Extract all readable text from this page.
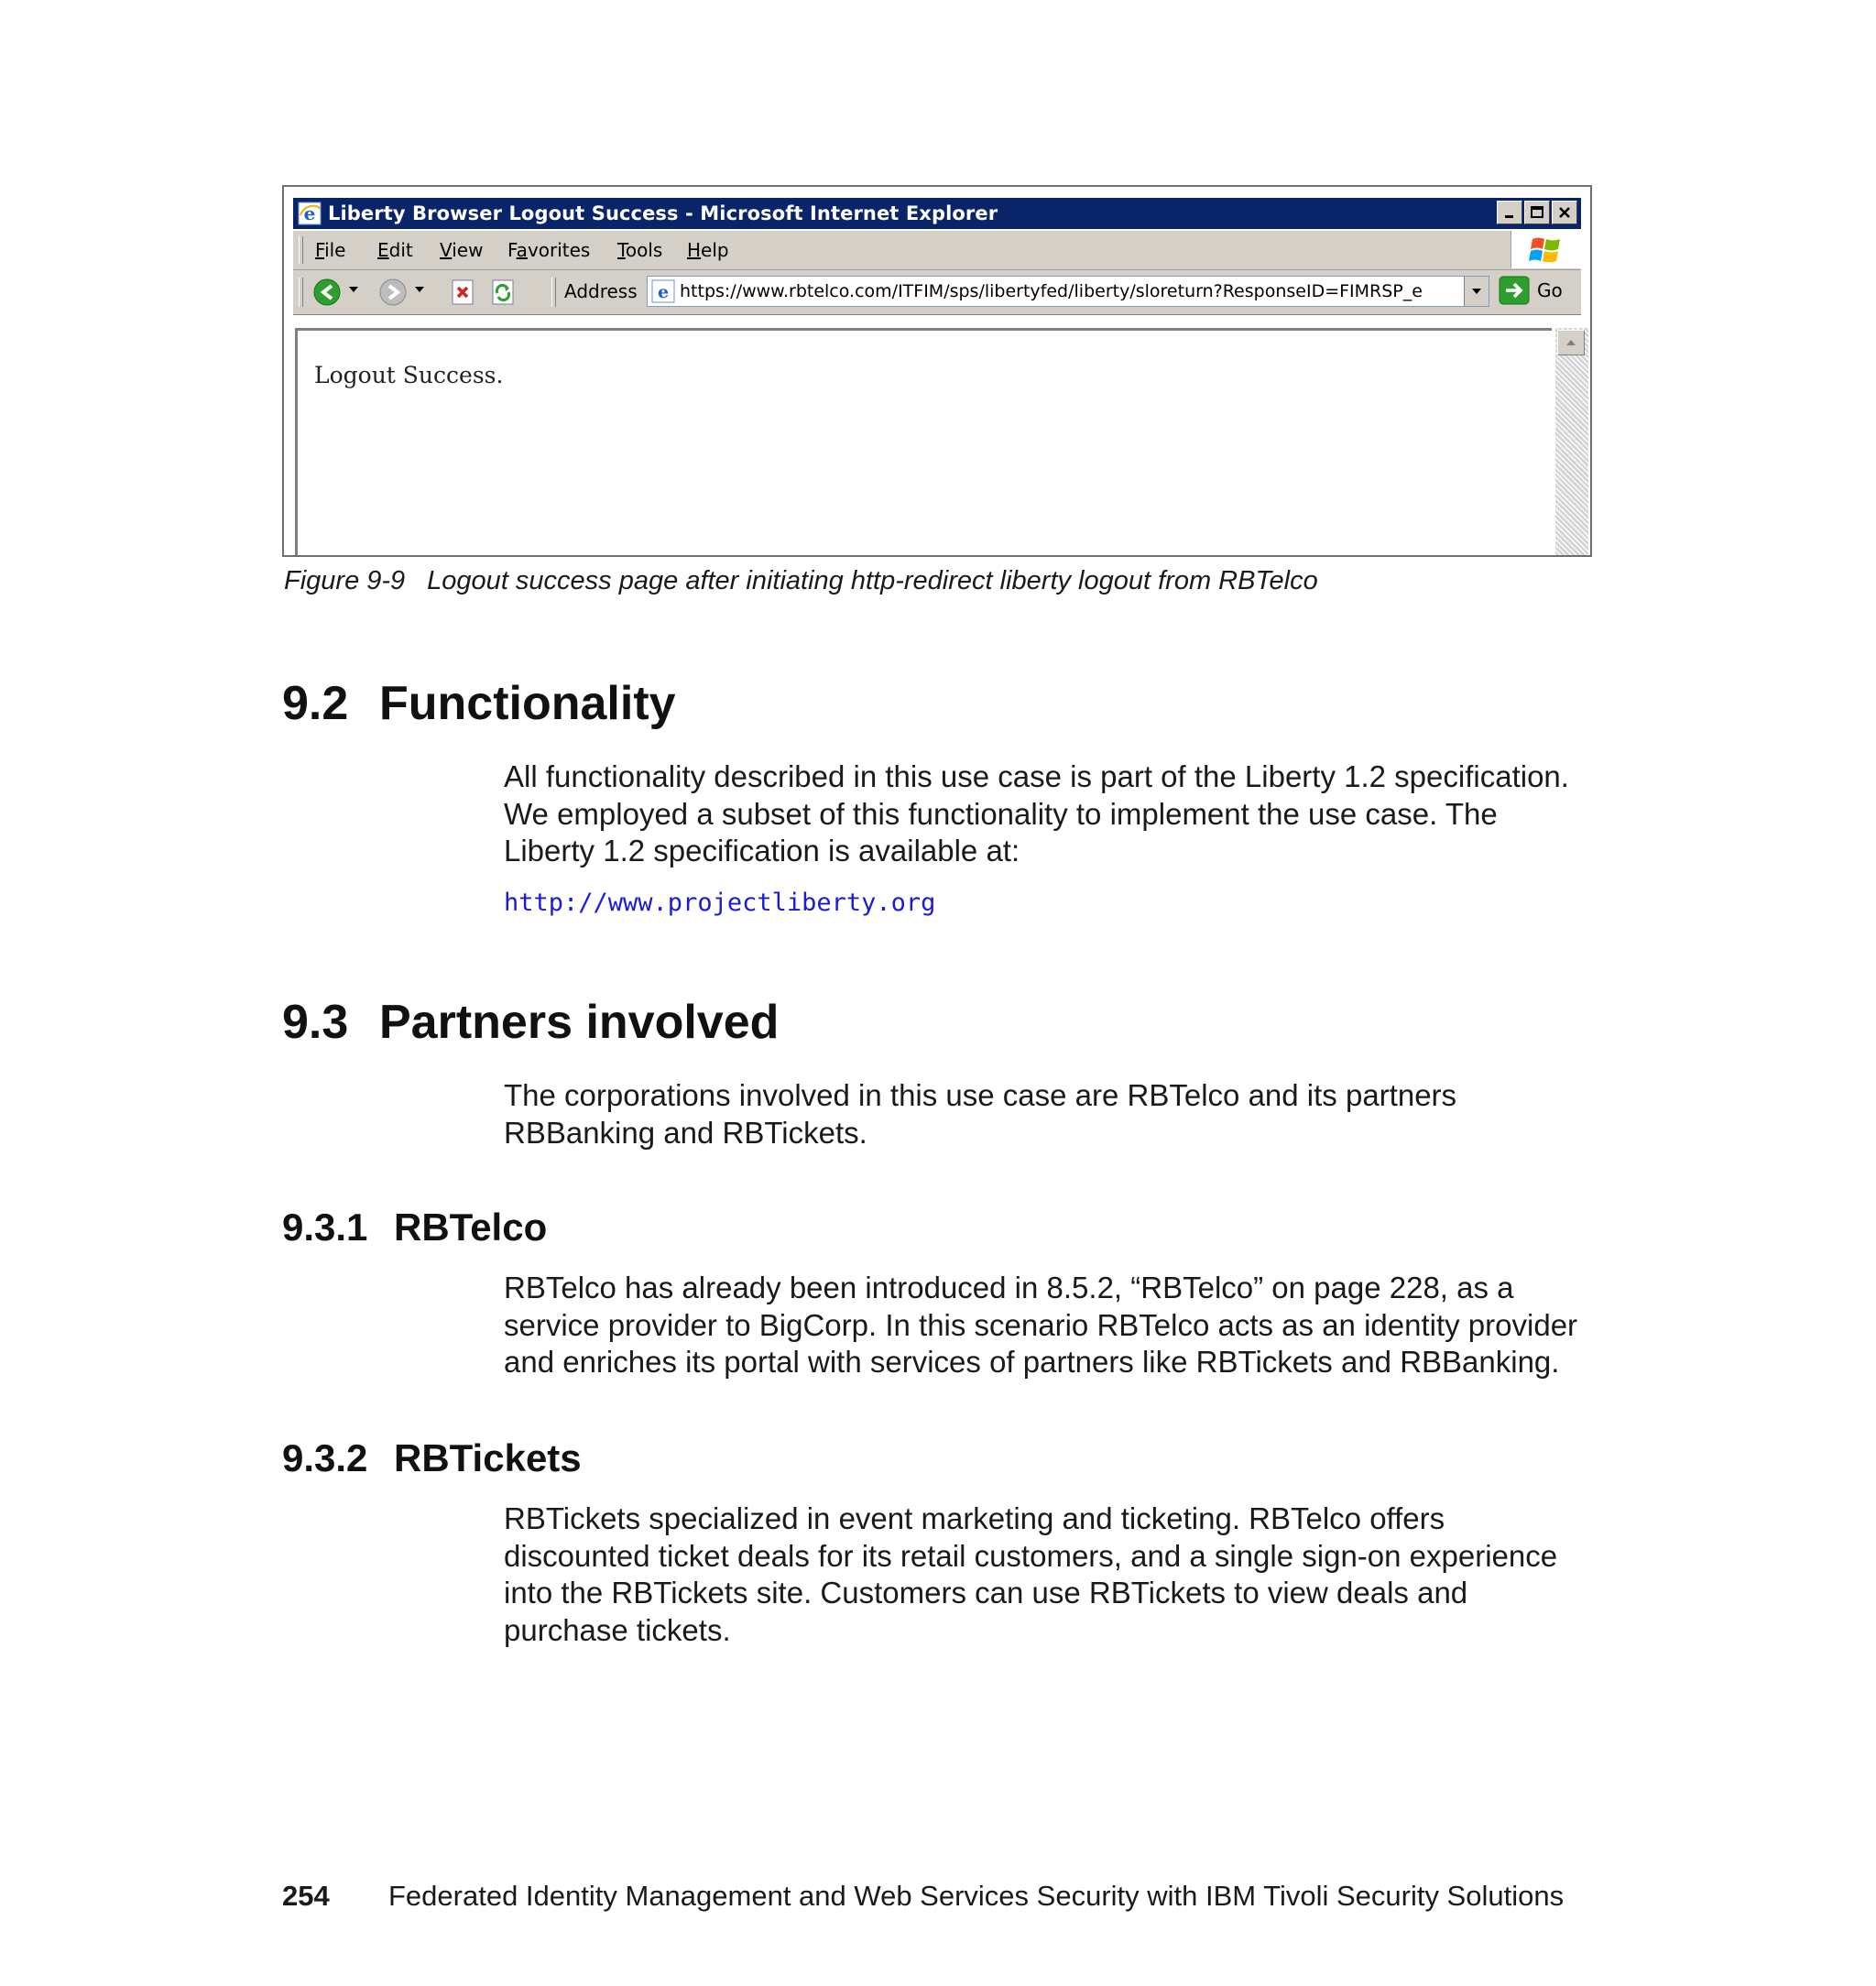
e Liberty Browser Logout Success - Microsoft Internet Explorer
File Edit View Favorites Tools Help
Address e https://www.rbtelco.com/ITFIM/sps/libertyfed/liberty/sloreturn?ResponseID=FIMRSP_e	Go
Logout Success.
Figure 9-9 Logout success page after initiating http-redirect liberty logout from RBTelco
9.2 Functionality

All functionality described in this use case is part of the Liberty 1.2 specification.

We employed a subset of this functionality to implement the use case. The

Liberty 1.2 specification is available at:

http://www.projectliberty.org
9.3 Partners involved

The corporations involved in this use case are RBTelco and its partners

RBBanking and RBTickets.

9.3.1 RBTelco

RBTelco has already been introduced in 8.5.2, “RBTelco” on page 228, as a

service provider to BigCorp. In this scenario RBTelco acts as an identity provider

and enriches its portal with services of partners like RBTickets and RBBanking.

9.3.2 RBTickets

RBTickets specialized in event marketing and ticketing. RBTelco offers

discounted ticket deals for its retail customers, and a single sign-on experience

into the RBTickets site. Customers can use RBTickets to view deals and

purchase tickets.

254 Federated Identity Management and Web Services Security with IBM Tivoli Security Solutions
